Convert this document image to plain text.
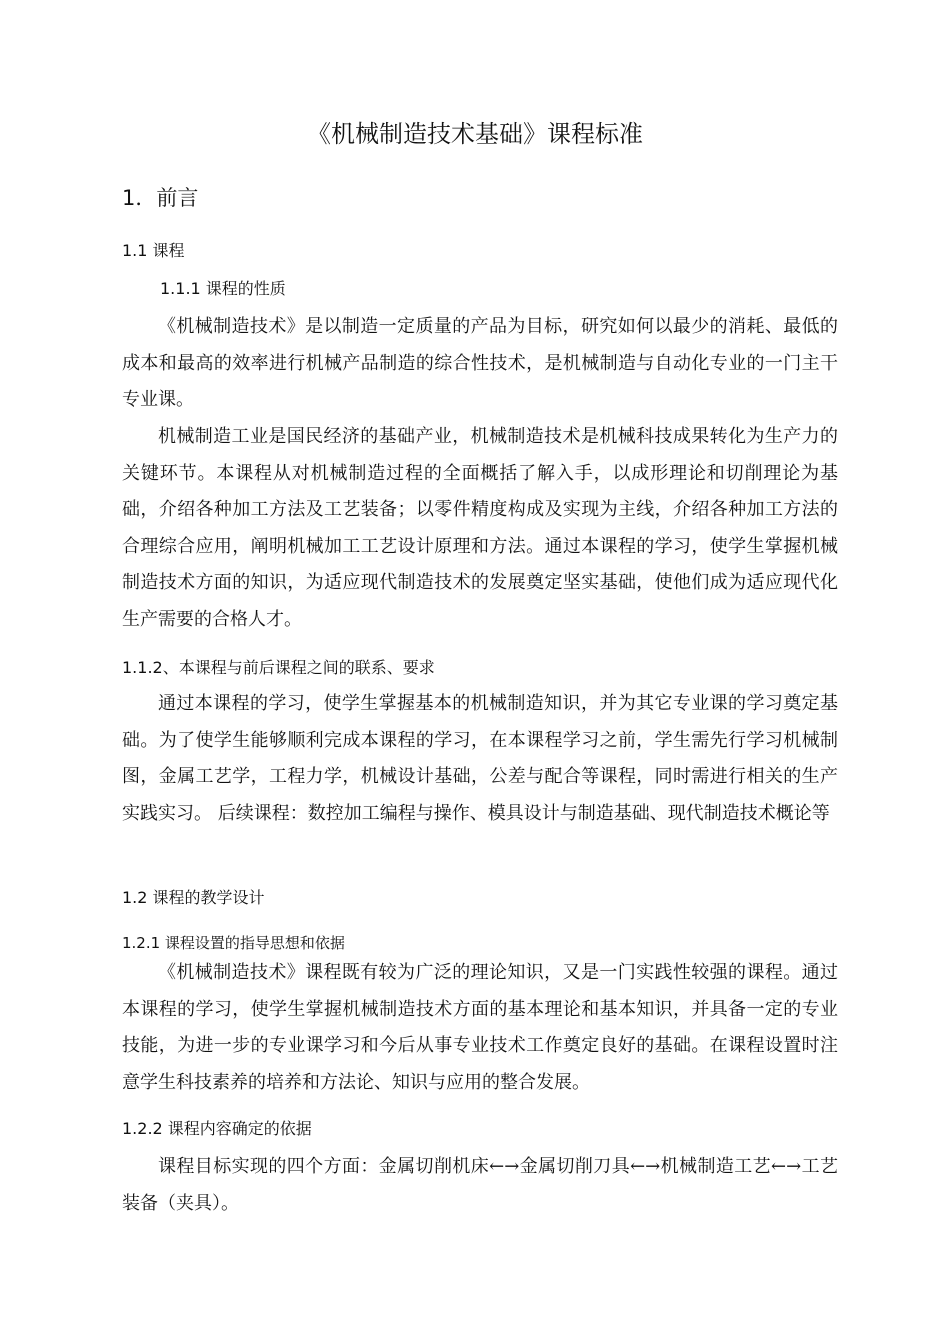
《机械制造技术基础》课程标准
1．前言
1.1 课程
1.1.1 课程的性质

《机械制造技术》是以制造一定质量的产品为目标，研究如何以最少的消耗、最低的成本和最高的效率进行机械产品制造的综合性技术，是机械制造与自动化专业的一门主干专业课。

机械制造工业是国民经济的基础产业，机械制造技术是机械科技成果转化为生产力的关键环节。本课程从对机械制造过程的全面概括了解入手，以成形理论和切削理论为基础，介绍各种加工方法及工艺装备；以零件精度构成及实现为主线，介绍各种加工方法的合理综合应用，阐明机械加工工艺设计原理和方法。通过本课程的学习，使学生掌握机械制造技术方面的知识，为适应现代制造技术的发展奠定坚实基础，使他们成为适应现代化生产需要的合格人才。

1.1.2、本课程与前后课程之间的联系、要求

通过本课程的学习，使学生掌握基本的机械制造知识，并为其它专业课的学习奠定基础。为了使学生能够顺利完成本课程的学习，在本课程学习之前，学生需先行学习机械制图，金属工艺学，工程力学，机械设计基础，公差与配合等课程，同时需进行相关的生产实践实习。 后续课程：数控加工编程与操作、模具设计与制造基础、现代制造技术概论等

1.2 课程的教学设计
1.2.1 课程设置的指导思想和依据

《机械制造技术》课程既有较为广泛的理论知识，又是一门实践性较强的课程。通过本课程的学习，使学生掌握机械制造技术方面的基本理论和基本知识，并具备一定的专业技能，为进一步的专业课学习和今后从事专业技术工作奠定良好的基础。在课程设置时注意学生科技素养的培养和方法论、知识与应用的整合发展。

1.2.2 课程内容确定的依据

课程目标实现的四个方面：金属切削机床←→金属切削刀具←→机械制造工艺←→工艺装备（夹具）。
